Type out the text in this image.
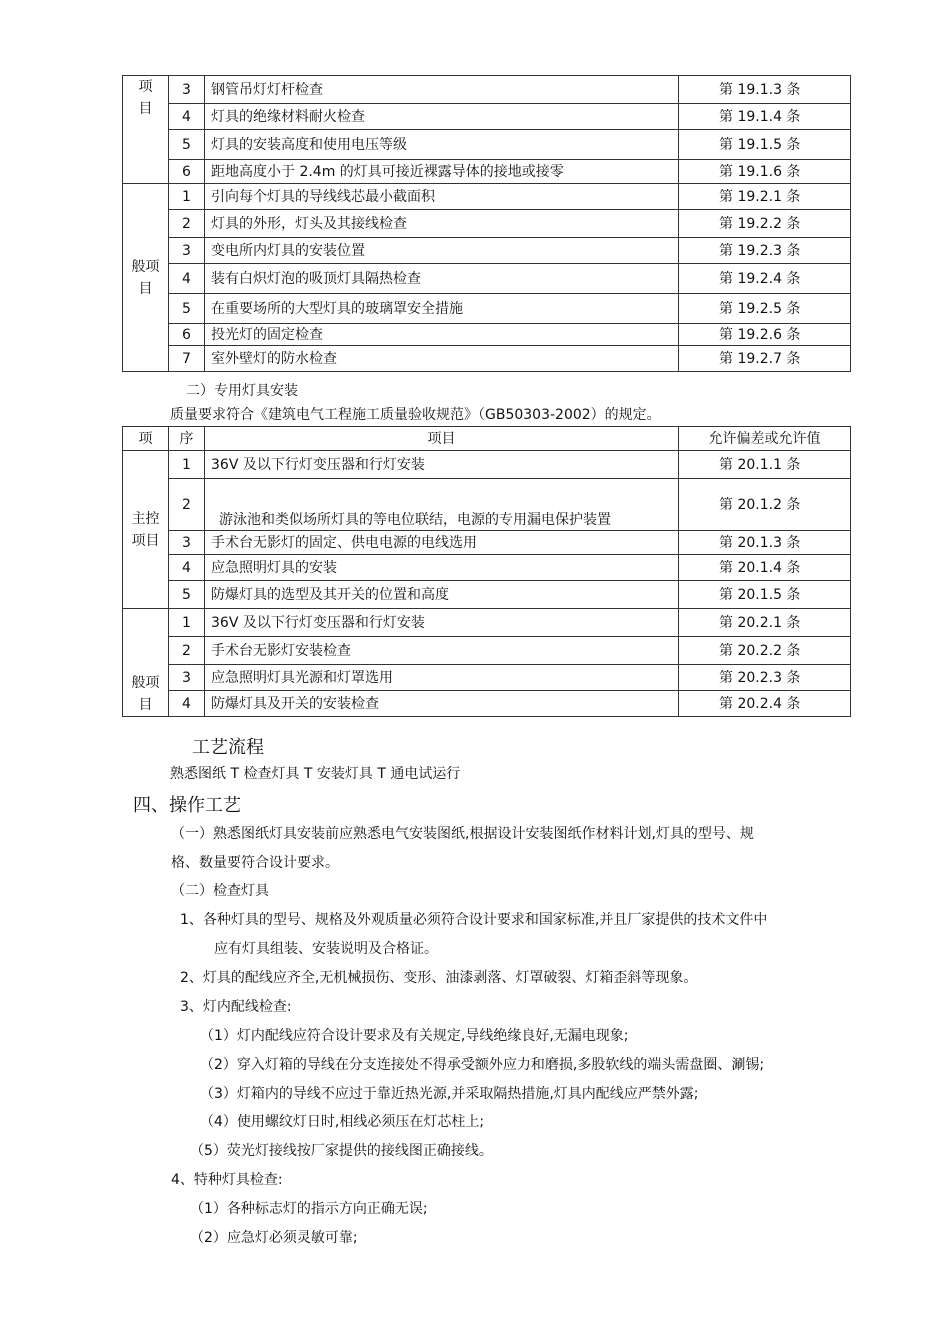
项
目	3	钢管吊灯灯杆检查	第 19.1.3 条
	4	灯具的绝缘材料耐火检查	第 19.1.4 条
	5	灯具的安装高度和使用电压等级	第 19.1.5 条
	6	距地高度小于 2.4m 的灯具可接近裸露导体的接地或接零	第 19.1.6 条
般项
目	1	引向每个灯具的导线线芯最小截面积	第 19.2.1 条
	2	灯具的外形，灯头及其接线检查	第 19.2.2 条
	3	变电所内灯具的安装位置	第 19.2.3 条
	4	装有白炽灯泡的吸顶灯具隔热检查	第 19.2.4 条
	5	在重要场所的大型灯具的玻璃罩安全措施	第 19.2.5 条
	6	投光灯的固定检查	第 19.2.6 条
	7	室外壁灯的防水检查	第 19.2.7 条
二）专用灯具安装
质量要求符合《建筑电气工程施工质量验收规范》（GB50303-2002）的规定。
项	序	项目	允许偏差或允许值
主控
项目	1	36V 及以下行灯变压器和行灯安装	第 20.1.1 条
	2	游泳池和类似场所灯具的等电位联结，电源的专用漏电保护装置	第 20.1.2 条
	3	手术台无影灯的固定、供电电源的电线选用	第 20.1.3 条
	4	应急照明灯具的安装	第 20.1.4 条
	5	防爆灯具的选型及其开关的位置和高度	第 20.1.5 条
般项
目	1	36V 及以下行灯变压器和行灯安装	第 20.2.1 条
	2	手术台无影灯安装检查	第 20.2.2 条
	3	应急照明灯具光源和灯罩选用	第 20.2.3 条
	4	防爆灯具及开关的安装检查	第 20.2.4 条
工艺流程
熟悉图纸 T 检查灯具 T 安装灯具 T 通电试运行
四、操作工艺
（一）熟悉图纸灯具安装前应熟悉电气安装图纸,根据设计安装图纸作材料计划,灯具的型号、规
格、数量要符合设计要求。
（二）检查灯具
1、各种灯具的型号、规格及外观质量必须符合设计要求和国家标准,并且厂家提供的技术文件中
应有灯具组装、安装说明及合格证。
2、灯具的配线应齐全,无机械损伤、变形、油漆剥落、灯罩破裂、灯箱歪斜等现象。
3、灯内配线检查:
（1）灯内配线应符合设计要求及有关规定,导线绝缘良好,无漏电现象;
（2）穿入灯箱的导线在分支连接处不得承受额外应力和磨损,多股软线的端头需盘圈、涮锡;
（3）灯箱内的导线不应过于靠近热光源,并采取隔热措施,灯具内配线应严禁外露;
（4）使用螺纹灯日时,相线必须压在灯芯柱上;
（5）荧光灯接线按厂家提供的接线图正确接线。
4、特种灯具检查:
（1）各种标志灯的指示方向正确无误;
（2）应急灯必须灵敏可靠;
